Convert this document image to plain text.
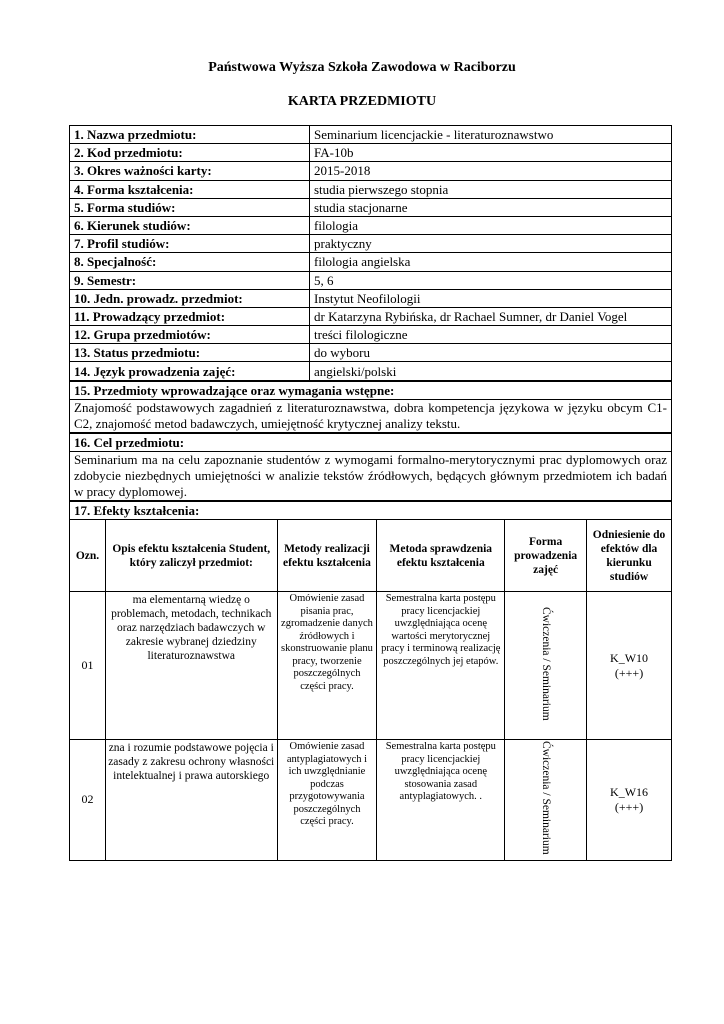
Państwowa Wyższa Szkoła Zawodowa w Raciborzu
KARTA PRZEDMIOTU
1. Nazwa przedmiotu:	Seminarium licencjackie - literaturoznawstwo
2. Kod przedmiotu:	FA-10b
3. Okres ważności karty:	2015-2018
4. Forma kształcenia:	studia pierwszego stopnia
5. Forma studiów:	studia stacjonarne
6. Kierunek studiów:	filologia
7. Profil studiów:	praktyczny
8. Specjalność:	filologia angielska
9. Semestr:	5, 6
10. Jedn. prowadz. przedmiot:	Instytut Neofilologii
11. Prowadzący przedmiot:	dr Katarzyna Rybińska, dr Rachael Sumner, dr Daniel Vogel
12. Grupa przedmiotów:	treści filologiczne
13. Status przedmiotu:	do wyboru
14. Język prowadzenia zajęć:	angielski/polski
15. Przedmioty wprowadzające oraz wymagania wstępne:	
Znajomość podstawowych zagadnień z literaturoznawstwa, dobra kompetencja językowa w języku obcym C1-C2, znajomość metod badawczych, umiejętność krytycznej analizy tekstu.	
16. Cel przedmiotu:	
Seminarium ma na celu zapoznanie studentów z wymogami formalno-merytorycznymi prac dyplomowych oraz zdobycie niezbędnych umiejętności w analizie tekstów źródłowych, będących głównym przedmiotem ich badań w pracy dyplomowej.	
17. Efekty kształcenia:	
Ozn.	Opis efektu kształcenia Student, który zaliczył przedmiot:	Metody realizacji efektu kształcenia	Metoda sprawdzenia efektu kształcenia	Forma prowadzenia zajęć	Odniesienie do efektów dla kierunku studiów
01	ma elementarną wiedzę o problemach, metodach, technikach oraz narzędziach badawczych w zakresie wybranej dziedziny literaturoznawstwa	Omówienie zasad pisania prac, zgromadzenie danych źródłowych i skonstruowanie planu pracy, tworzenie poszczególnych części pracy.	Semestralna karta postępu pracy licencjackiej uwzględniająca ocenę wartości merytorycznej pracy i terminową realizację poszczególnych jej etapów.	Ćwiczenia / Seminarium	K_W10
(+++)

02	zna i rozumie podstawowe pojęcia i zasady z zakresu ochrony własności intelektualnej i prawa autorskiego	Omówienie zasad antyplagiatowych i ich uwzględnianie podczas przygotowywania poszczególnych części pracy.	Semestralna karta postępu pracy licencjackiej uwzględniająca ocenę stosowania zasad antyplagiatowych. .	Ćwiczenia / Seminarium	K_W16
(+++)
